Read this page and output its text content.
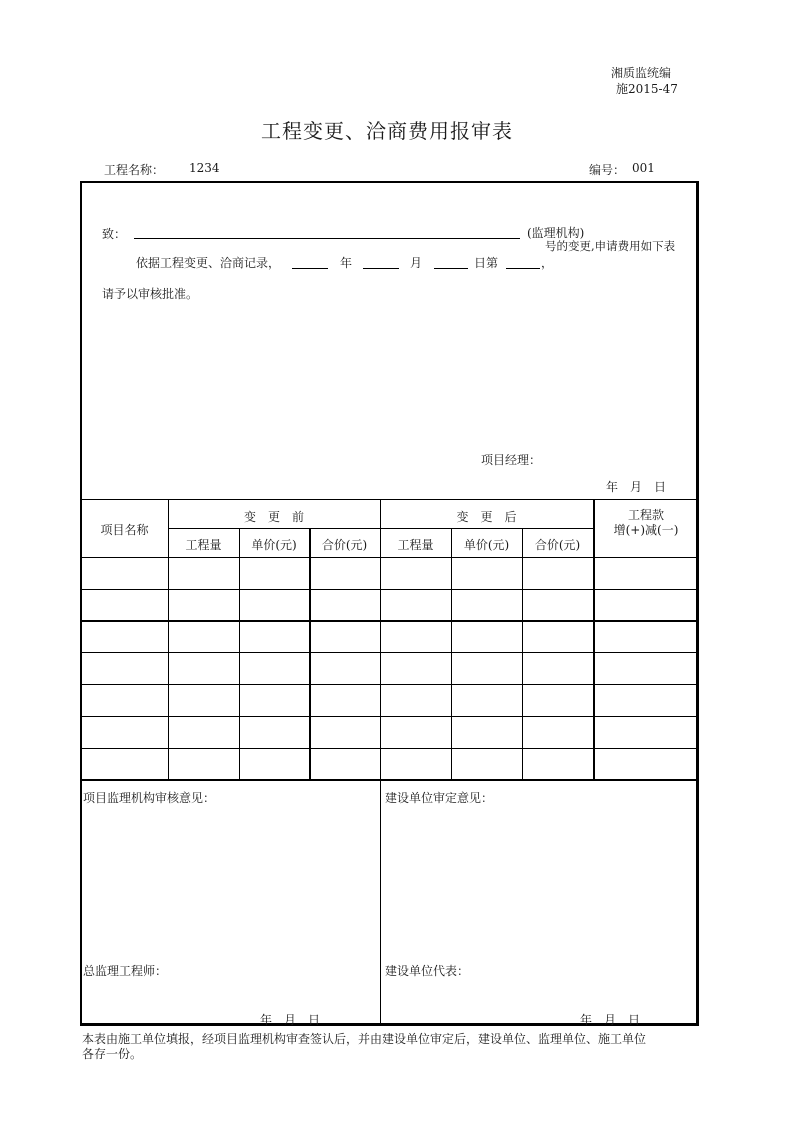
湘质监统编
施2015-47
工程变更、洽商费用报审表
工程名称： 1234	编号： 001
致：	(监理机构)
号的变更,申请费用如下表
依据工程变更、洽商记录，	年	月	日第	，
请予以审核批准。
项目经理：
年　月　日
项目名称
变　更　前	变　更　后	工程款
增(+)减(一)
工程量	单价(元)	合价(元)	工程量	单价(元)	合价(元)
项目监理机构审核意见：	建设单位审定意见：
总监理工程师：	建设单位代表：
年　月　日	年　月　日
本表由施工单位填报，经项目监理机构审查签认后，并由建设单位审定后，建设单位、监理单位、施工单位
各存一份。
